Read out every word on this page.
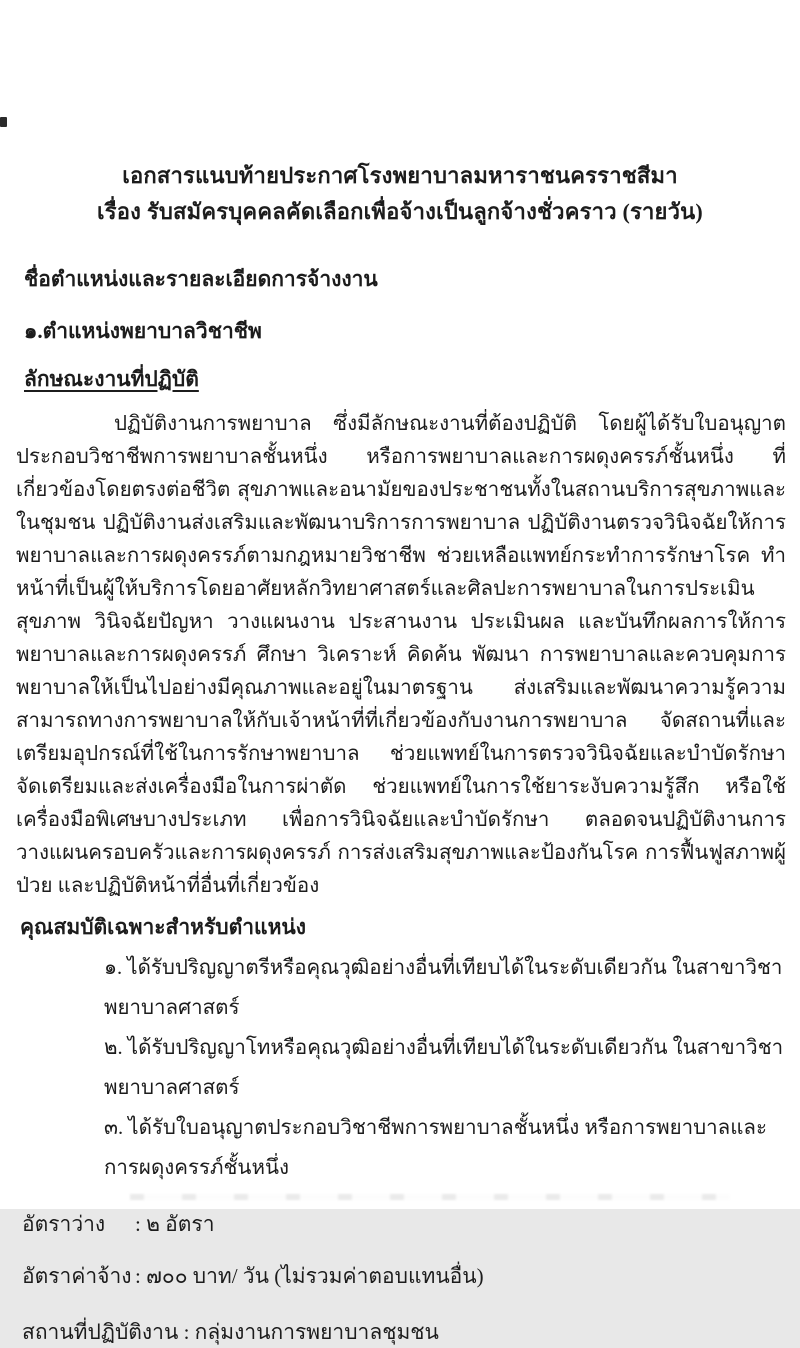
เอกสารแนบท้ายประกาศโรงพยาบาลมหาราชนครราชสีมา
เรื่อง รับสมัครบุคคลคัดเลือกเพื่อจ้างเป็นลูกจ้างชั่วคราว (รายวัน)
ชื่อตำแหน่งและรายละเอียดการจ้างงาน
๑.ตำแหน่งพยาบาลวิชาชีพ
ลักษณะงานที่ปฏิบัติ

ปฏิบัติงานการพยาบาล ซึ่งมีลักษณะงานที่ต้องปฏิบัติ โดยผู้ได้รับใบอนุญาตประกอบวิชาชีพการพยาบาลชั้นหนึ่ง หรือการพยาบาลและการผดุงครรภ์ชั้นหนึ่ง ที่เกี่ยวข้องโดยตรงต่อชีวิต สุขภาพและอนามัยของประชาชนทั้งในสถานบริการสุขภาพและในชุมชน ปฏิบัติงานส่งเสริมและพัฒนาบริการการพยาบาล ปฏิบัติงานตรวจวินิจฉัยให้การพยาบาลและการผดุงครรภ์ตามกฎหมายวิชาชีพ ช่วยเหลือแพทย์กระทำการรักษาโรค ทำหน้าที่เป็นผู้ให้บริการโดยอาศัยหลักวิทยาศาสตร์และศิลปะการพยาบาลในการประเมินสุขภาพ วินิจฉัยปัญหา วางแผนงาน ประสานงาน ประเมินผล และบันทึกผลการให้การพยาบาลและการผดุงครรภ์ ศึกษา วิเคราะห์ คิดค้น พัฒนา การพยาบาลและควบคุมการพยาบาลให้เป็นไปอย่างมีคุณภาพและอยู่ในมาตรฐาน ส่งเสริมและพัฒนาความรู้ความสามารถทางการพยาบาลให้กับเจ้าหน้าที่ที่เกี่ยวข้องกับงานการพยาบาล จัดสถานที่และเตรียมอุปกรณ์ที่ใช้ในการรักษาพยาบาล ช่วยแพทย์ในการตรวจวินิจฉัยและบำบัดรักษา จัดเตรียมและส่งเครื่องมือในการผ่าตัด ช่วยแพทย์ในการใช้ยาระงับความรู้สึก หรือใช้เครื่องมือพิเศษบางประเภท เพื่อการวินิจฉัยและบำบัดรักษา ตลอดจนปฏิบัติงานการวางแผนครอบครัวและการผดุงครรภ์ การส่งเสริมสุขภาพและป้องกันโรค การฟื้นฟูสภาพผู้ป่วย และปฏิบัติหน้าที่อื่นที่เกี่ยวข้อง

คุณสมบัติเฉพาะสำหรับตำแหน่ง
๑. ได้รับปริญญาตรีหรือคุณวุฒิอย่างอื่นที่เทียบได้ในระดับเดียวกัน ในสาขาวิชาพยาบาลศาสตร์
๒. ได้รับปริญญาโทหรือคุณวุฒิอย่างอื่นที่เทียบได้ในระดับเดียวกัน ในสาขาวิชาพยาบาลศาสตร์
๓. ได้รับใบอนุญาตประกอบวิชาชีพการพยาบาลชั้นหนึ่ง หรือการพยาบาลและการผดุงครรภ์ชั้นหนึ่ง
อัตราว่าง	: ๒ อัตรา
อัตราค่าจ้าง : ๗๐๐ บาท/ วัน (ไม่รวมค่าตอบแทนอื่น)
สถานที่ปฏิบัติงาน : กลุ่มงานการพยาบาลชุมชน
